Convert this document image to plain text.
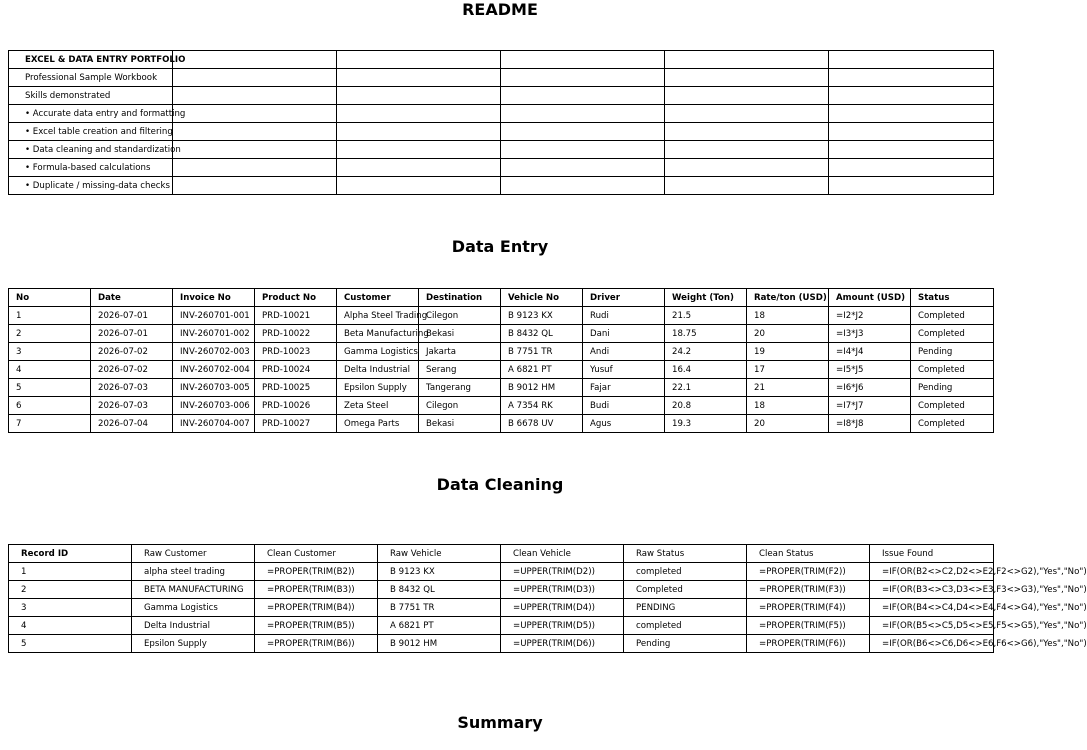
README
EXCEL & DATA ENTRY PORTFOLIO					
Professional Sample Workbook					
Skills demonstrated					
• Accurate data entry and formatting					
• Excel table creation and filtering					
• Data cleaning and standardization					
• Formula-based calculations					
• Duplicate / missing-data checks					
Data Entry
No	Date	Invoice No	Product No	Customer	Destination	Vehicle No	Driver	Weight (Ton)	Rate/ton (USD)	Amount (USD)	Status
1	2026-07-01	INV-260701-001	PRD-10021	Alpha Steel Trading	Cilegon	B 9123 KX	Rudi	21.5	18	=I2*J2	Completed
2	2026-07-01	INV-260701-002	PRD-10022	Beta Manufacturing	Bekasi	B 8432 QL	Dani	18.75	20	=I3*J3	Completed
3	2026-07-02	INV-260702-003	PRD-10023	Gamma Logistics	Jakarta	B 7751 TR	Andi	24.2	19	=I4*J4	Pending
4	2026-07-02	INV-260702-004	PRD-10024	Delta Industrial	Serang	A 6821 PT	Yusuf	16.4	17	=I5*J5	Completed
5	2026-07-03	INV-260703-005	PRD-10025	Epsilon Supply	Tangerang	B 9012 HM	Fajar	22.1	21	=I6*J6	Pending
6	2026-07-03	INV-260703-006	PRD-10026	Zeta Steel	Cilegon	A 7354 RK	Budi	20.8	18	=I7*J7	Completed
7	2026-07-04	INV-260704-007	PRD-10027	Omega Parts	Bekasi	B 6678 UV	Agus	19.3	20	=I8*J8	Completed
Data Cleaning
Record ID	Raw Customer	Clean Customer	Raw Vehicle	Clean Vehicle	Raw Status	Clean Status	Issue Found
1	alpha steel trading	=PROPER(TRIM(B2))	B 9123 KX	=UPPER(TRIM(D2))	completed	=PROPER(TRIM(F2))	=IF(OR(B2<>C2,D2<>E2,F2<>G2),"Yes","No")
2	BETA MANUFACTURING	=PROPER(TRIM(B3))	B 8432 QL	=UPPER(TRIM(D3))	Completed	=PROPER(TRIM(F3))	=IF(OR(B3<>C3,D3<>E3,F3<>G3),"Yes","No")
3	Gamma Logistics	=PROPER(TRIM(B4))	B 7751 TR	=UPPER(TRIM(D4))	PENDING	=PROPER(TRIM(F4))	=IF(OR(B4<>C4,D4<>E4,F4<>G4),"Yes","No")
4	Delta Industrial	=PROPER(TRIM(B5))	A 6821 PT	=UPPER(TRIM(D5))	completed	=PROPER(TRIM(F5))	=IF(OR(B5<>C5,D5<>E5,F5<>G5),"Yes","No")
5	Epsilon Supply	=PROPER(TRIM(B6))	B 9012 HM	=UPPER(TRIM(D6))	Pending	=PROPER(TRIM(F6))	=IF(OR(B6<>C6,D6<>E6,F6<>G6),"Yes","No")
Summary
